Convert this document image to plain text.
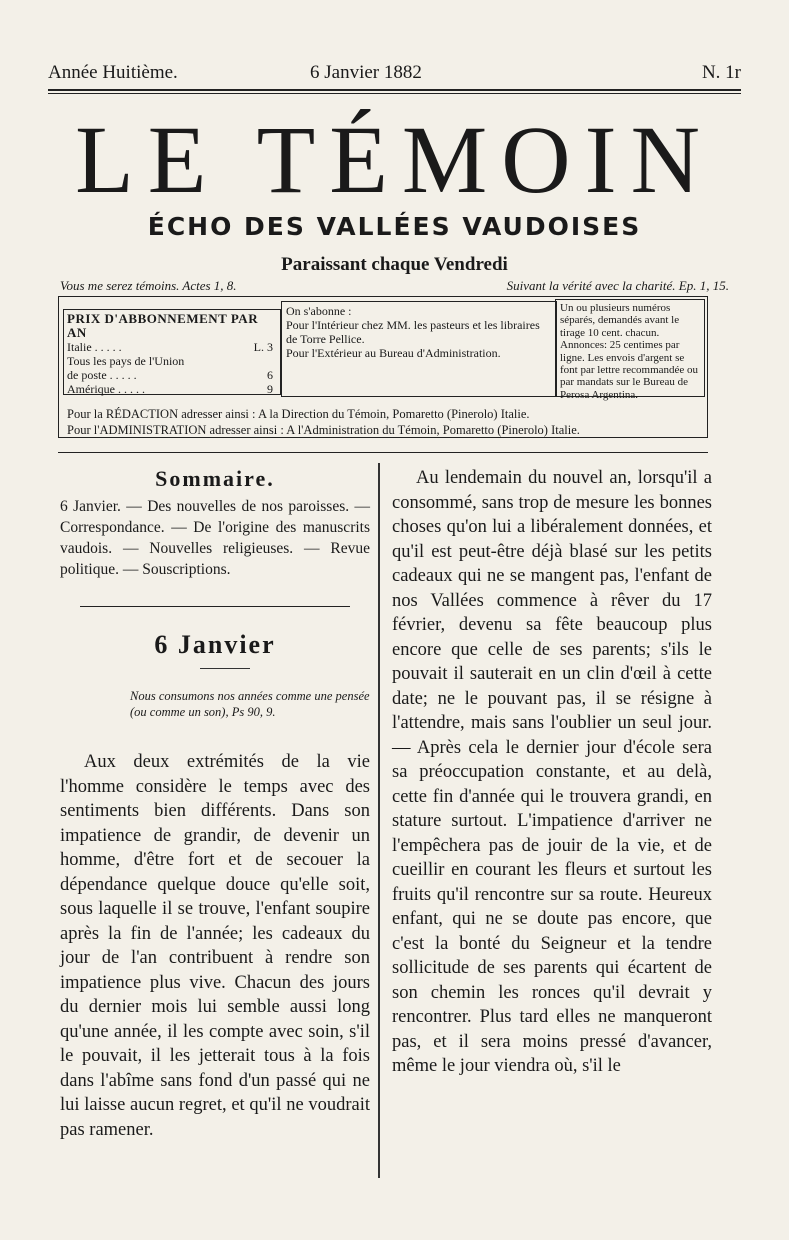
Année Huitième.	6 Janvier 1882	N. 1r
LE TÉMOIN
ÉCHO DES VALLÉES VAUDOISES
Paraissant chaque Vendredi
Vous me serez témoins. Actes 1, 8.	Suivant la vérité avec la charité. Ep. 1, 15.
PRIX D'ABBONNEMENT PAR AN
Italie . . . . .	L. 3
Tous les pays de l'Union
de poste . . . . .	6
Amérique . . . . .	9
On s'abonne :
Pour l'Intérieur chez MM. les pasteurs et les libraires de Torre Pellice.
Pour l'Extérieur au Bureau d'Administration.
Un ou plusieurs numéros séparés, demandés avant le tirage 10 cent. chacun. Annonces: 25 centimes par ligne. Les envois d'argent se font par lettre recommandée ou par mandats sur le Bureau de Perosa Argentina.
Pour la RÉDACTION adresser ainsi : A la Direction du Témoin, Pomaretto (Pinerolo) Italie.
Pour l'ADMINISTRATION adresser ainsi : A l'Administration du Témoin, Pomaretto (Pinerolo) Italie.
Sommaire.
6 Janvier. — Des nouvelles de nos paroisses. — Correspondance. — De l'origine des manuscrits vaudois. — Nouvelles religieuses. — Revue politique. — Souscriptions.
6 Janvier
Nous consumons nos années comme une pensée (ou comme un son), Ps 90, 9.

Aux deux extrémités de la vie l'homme considère le temps avec des sentiments bien différents. Dans son impatience de grandir, de devenir un homme, d'être fort et de secouer la dépendance quelque douce qu'elle soit, sous laquelle il se trouve, l'enfant soupire après la fin de l'année; les cadeaux du jour de l'an contribuent à rendre son impatience plus vive. Chacun des jours du dernier mois lui semble aussi long qu'une année, il les compte avec soin, s'il le pouvait, il les jetterait tous à la fois dans l'abîme sans fond d'un passé qui ne lui laisse aucun regret, et qu'il ne voudrait pas ramener.

Au lendemain du nouvel an, lorsqu'il a consommé, sans trop de mesure les bonnes choses qu'on lui a libéralement données, et qu'il est peut-être déjà blasé sur les petits cadeaux qui ne se mangent pas, l'enfant de nos Vallées commence à rêver du 17 février, devenu sa fête beaucoup plus encore que celle de ses parents; s'ils le pouvait il sauterait en un clin d'œil à cette date; ne le pouvant pas, il se résigne à l'attendre, mais sans l'oublier un seul jour. — Après cela le dernier jour d'école sera sa préoccupation constante, et au delà, cette fin d'année qui le trouvera grandi, en stature surtout. L'impatience d'arriver ne l'empêchera pas de jouir de la vie, et de cueillir en courant les fleurs et surtout les fruits qu'il rencontre sur sa route. Heureux enfant, qui ne se doute pas encore, que c'est la bonté du Seigneur et la tendre sollicitude de ses parents qui écartent de son chemin les ronces qu'il devrait y rencontrer. Plus tard elles ne manqueront pas, et il sera moins pressé d'avancer, même le jour viendra où, s'il le
